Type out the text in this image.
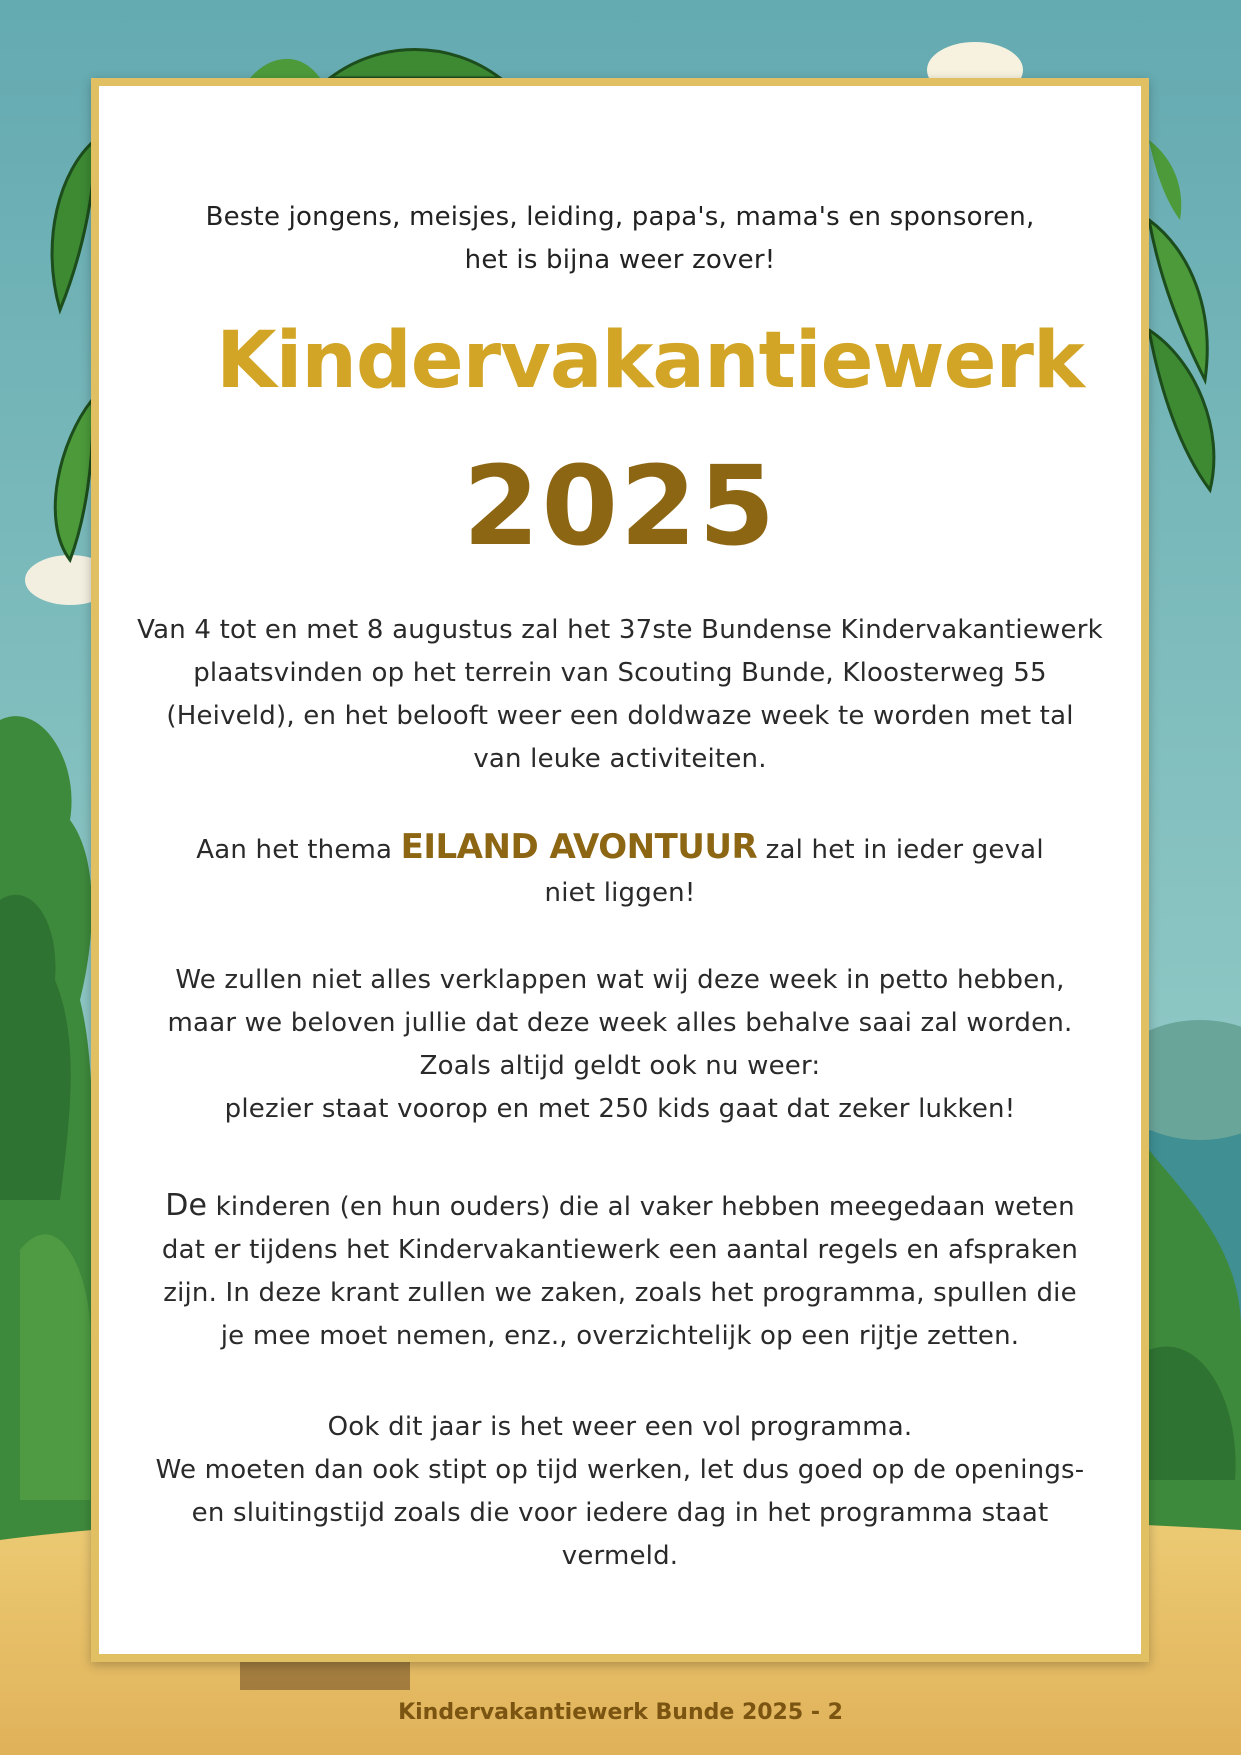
Beste jongens, meisjes, leiding, papa's, mama's en sponsoren,
het is bijna weer zover!
Kindervakantiewerk
2025
Van 4 tot en met 8 augustus zal het 37ste Bundense Kindervakantiewerk
plaatsvinden op het terrein van Scouting Bunde, Kloosterweg 55
(Heiveld), en het belooft weer een doldwaze week te worden met tal
van leuke activiteiten.
Aan het thema EILAND AVONTUUR zal het in ieder geval
niet liggen!
We zullen niet alles verklappen wat wij deze week in petto hebben,
maar we beloven jullie dat deze week alles behalve saai zal worden.
Zoals altijd geldt ook nu weer:
plezier staat voorop en met 250 kids gaat dat zeker lukken!
De kinderen (en hun ouders) die al vaker hebben meegedaan weten
dat er tijdens het Kindervakantiewerk een aantal regels en afspraken
zijn. In deze krant zullen we zaken, zoals het programma, spullen die
je mee moet nemen, enz., overzichtelijk op een rijtje zetten.
Ook dit jaar is het weer een vol programma.
We moeten dan ook stipt op tijd werken, let dus goed op de openings-
en sluitingstijd zoals die voor iedere dag in het programma staat
vermeld.
Kindervakantiewerk Bunde 2025 - 2
